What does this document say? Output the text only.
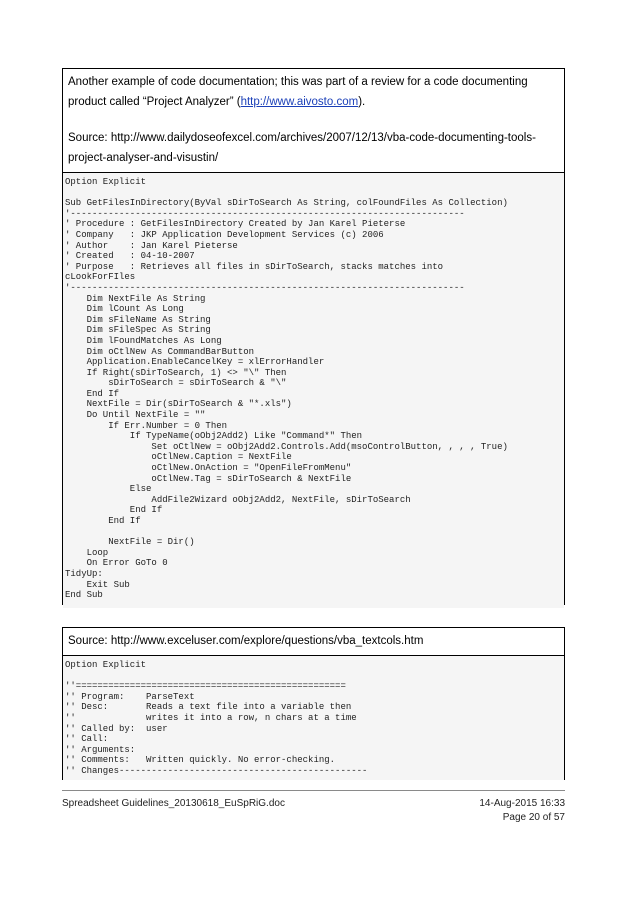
Another example of code documentation; this was part of a review for a code documenting product called “Project Analyzer” (http://www.aivosto.com).

Source: http://www.dailydoseofexcel.com/archives/2007/12/13/vba-code-documenting-tools-project-analyser-and-visustin/

Option Explicit

Sub GetFilesInDirectory(ByVal sDirToSearch As String, colFoundFiles As Collection)
'-------------------------------------------------------------------------
' Procedure : GetFilesInDirectory Created by Jan Karel Pieterse
' Company   : JKP Application Development Services (c) 2006
' Author    : Jan Karel Pieterse
' Created   : 04-10-2007
' Purpose   : Retrieves all files in sDirToSearch, stacks matches into
cLookForFIles
'-------------------------------------------------------------------------
Dim NextFile As String
Dim lCount As Long
Dim sFileName As String
Dim sFileSpec As String
Dim lFoundMatches As Long
Dim oCtlNew As CommandBarButton
Application.EnableCancelKey = xlErrorHandler
If Right(sDirToSearch, 1) <> "\" Then
sDirToSearch = sDirToSearch & "\"
End If
NextFile = Dir(sDirToSearch & "*.xls")
Do Until NextFile = ""
If Err.Number = 0 Then
If TypeName(oObj2Add2) Like "Command*" Then
Set oCtlNew = oObj2Add2.Controls.Add(msoControlButton, , , , True)
oCtlNew.Caption = NextFile
oCtlNew.OnAction = "OpenFileFromMenu"
oCtlNew.Tag = sDirToSearch & NextFile
Else
AddFile2Wizard oObj2Add2, NextFile, sDirToSearch
End If
End If

NextFile = Dir()
Loop
On Error GoTo 0
TidyUp:
Exit Sub
End Sub

Source: http://www.exceluser.com/explore/questions/vba_textcols.htm

Option Explicit

''==================================================
'' Program:    ParseText
'' Desc:       Reads a text file into a variable then
''             writes it into a row, n chars at a time
'' Called by:  user
'' Call:
'' Arguments:
'' Comments:   Written quickly. No error-checking.
'' Changes----------------------------------------------
Spreadsheet Guidelines_20130618_EuSpRiG.doc	14-Aug-2015 16:33
Page 20 of 57
